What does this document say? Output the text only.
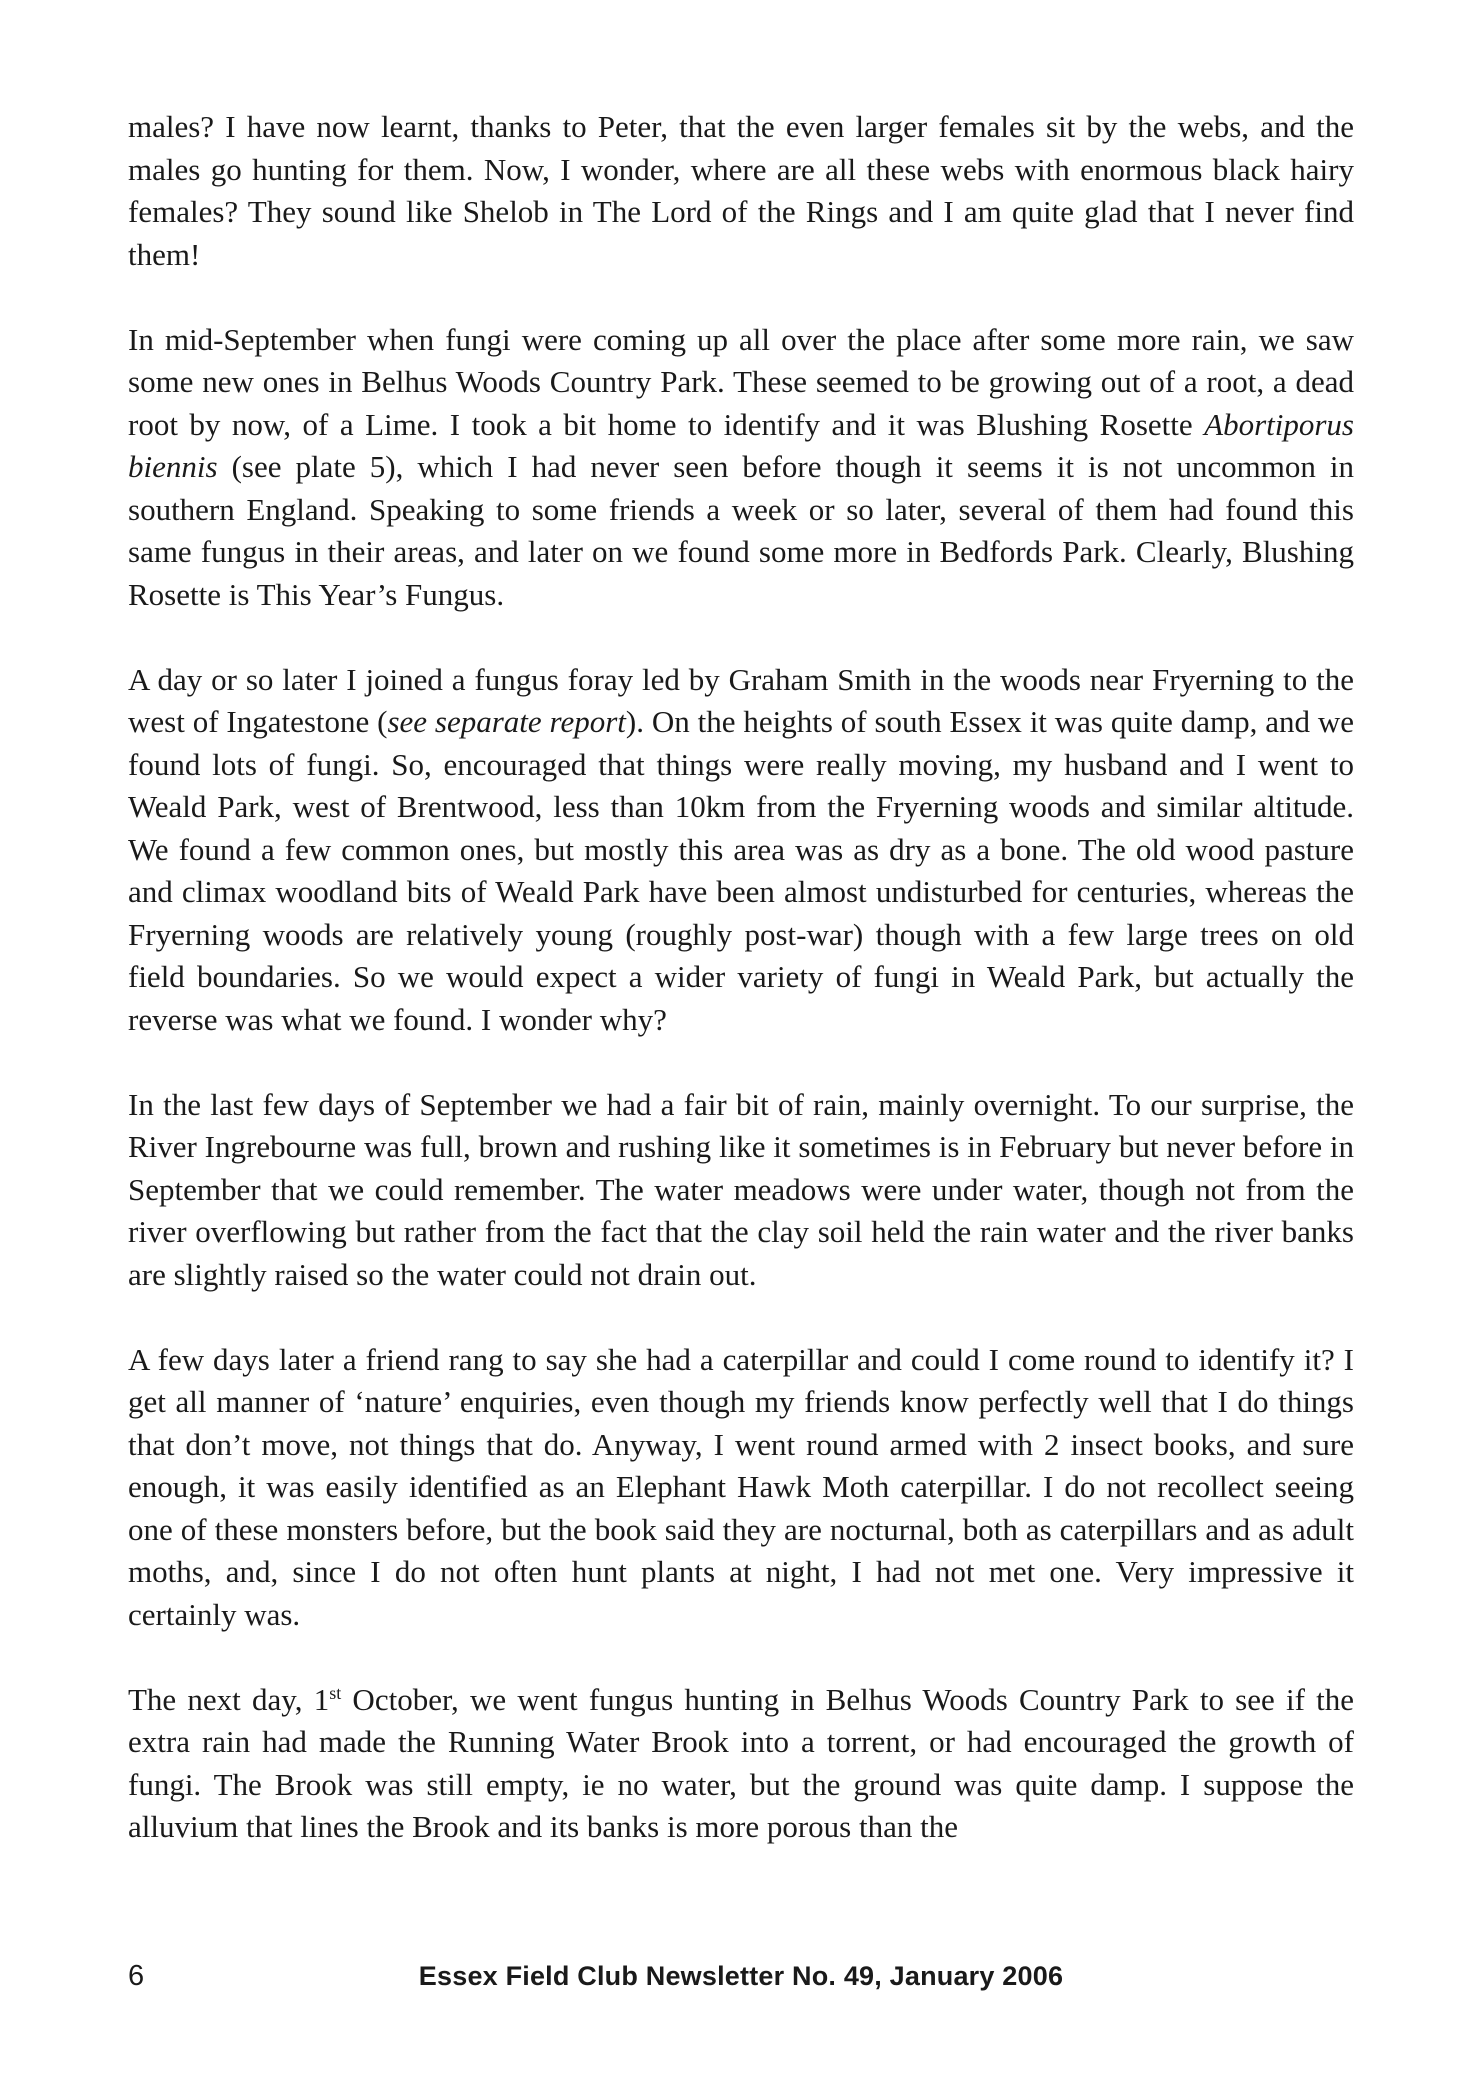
males? I have now learnt, thanks to Peter, that the even larger females sit by the webs, and the males go hunting for them. Now, I wonder, where are all these webs with enormous black hairy females? They sound like Shelob in The Lord of the Rings and I am quite glad that I never find them!

In mid-September when fungi were coming up all over the place after some more rain, we saw some new ones in Belhus Woods Country Park. These seemed to be growing out of a root, a dead root by now, of a Lime. I took a bit home to identify and it was Blushing Rosette Abortiporus biennis (see plate 5), which I had never seen before though it seems it is not uncommon in southern England. Speaking to some friends a week or so later, several of them had found this same fungus in their areas, and later on we found some more in Bedfords Park. Clearly, Blushing Rosette is This Year’s Fungus.

A day or so later I joined a fungus foray led by Graham Smith in the woods near Fryerning to the west of Ingatestone (see separate report). On the heights of south Essex it was quite damp, and we found lots of fungi. So, encouraged that things were really moving, my husband and I went to Weald Park, west of Brentwood, less than 10km from the Fryerning woods and similar altitude. We found a few common ones, but mostly this area was as dry as a bone. The old wood pasture and climax woodland bits of Weald Park have been almost undisturbed for centuries, whereas the Fryerning woods are relatively young (roughly post-war) though with a few large trees on old field boundaries. So we would expect a wider variety of fungi in Weald Park, but actually the reverse was what we found. I wonder why?

In the last few days of September we had a fair bit of rain, mainly overnight. To our surprise, the River Ingrebourne was full, brown and rushing like it sometimes is in February but never before in September that we could remember. The water meadows were under water, though not from the river overflowing but rather from the fact that the clay soil held the rain water and the river banks are slightly raised so the water could not drain out.

A few days later a friend rang to say she had a caterpillar and could I come round to identify it? I get all manner of ‘nature’ enquiries, even though my friends know perfectly well that I do things that don’t move, not things that do. Anyway, I went round armed with 2 insect books, and sure enough, it was easily identified as an Elephant Hawk Moth caterpillar. I do not recollect seeing one of these monsters before, but the book said they are nocturnal, both as caterpillars and as adult moths, and, since I do not often hunt plants at night, I had not met one. Very impressive it certainly was.

The next day, 1st October, we went fungus hunting in Belhus Woods Country Park to see if the extra rain had made the Running Water Brook into a torrent, or had encouraged the growth of fungi. The Brook was still empty, ie no water, but the ground was quite damp. I suppose the alluvium that lines the Brook and its banks is more porous than the

6	Essex Field Club Newsletter No. 49, January 2006
